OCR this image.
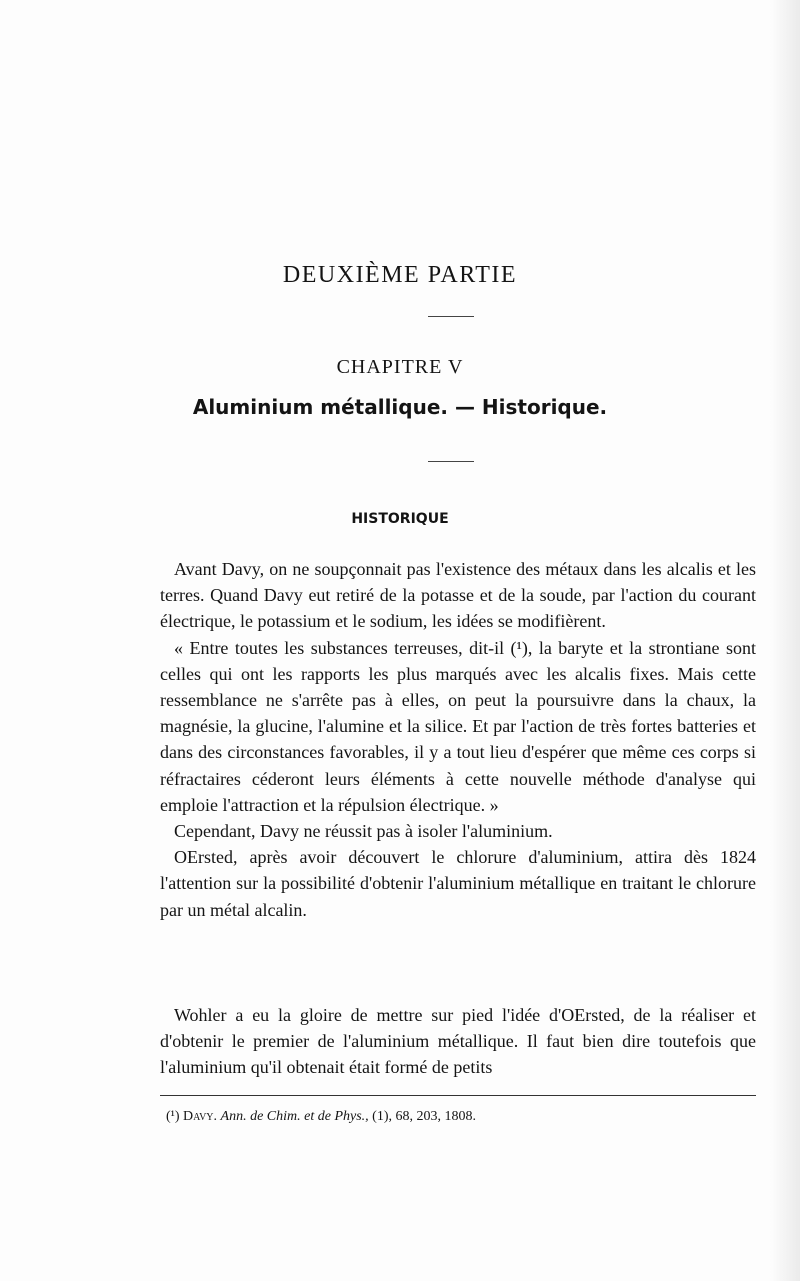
DEUXIÈME PARTIE
CHAPITRE V
Aluminium métallique. — Historique.
HISTORIQUE

Avant Davy, on ne soupçonnait pas l'existence des métaux dans les alcalis et les terres. Quand Davy eut retiré de la potasse et de la soude, par l'action du courant électrique, le potassium et le sodium, les idées se modifièrent.

« Entre toutes les substances terreuses, dit-il (¹), la baryte et la strontiane sont celles qui ont les rapports les plus marqués avec les alcalis fixes. Mais cette ressemblance ne s'arrête pas à elles, on peut la poursuivre dans la chaux, la magnésie, la glucine, l'alumine et la silice. Et par l'action de très fortes batteries et dans des circonstances favorables, il y a tout lieu d'espérer que même ces corps si réfractaires céderont leurs éléments à cette nouvelle méthode d'analyse qui emploie l'attraction et la répulsion électrique. »

Cependant, Davy ne réussit pas à isoler l'aluminium.

OErsted, après avoir découvert le chlorure d'aluminium, attira dès 1824 l'attention sur la possibilité d'obtenir l'aluminium métallique en traitant le chlorure par un métal alcalin.

Wohler a eu la gloire de mettre sur pied l'idée d'OErsted, de la réaliser et d'obtenir le premier de l'aluminium métallique. Il faut bien dire toutefois que l'aluminium qu'il obtenait était formé de petits

(¹) Davy. Ann. de Chim. et de Phys., (1), 68, 203, 1808.
